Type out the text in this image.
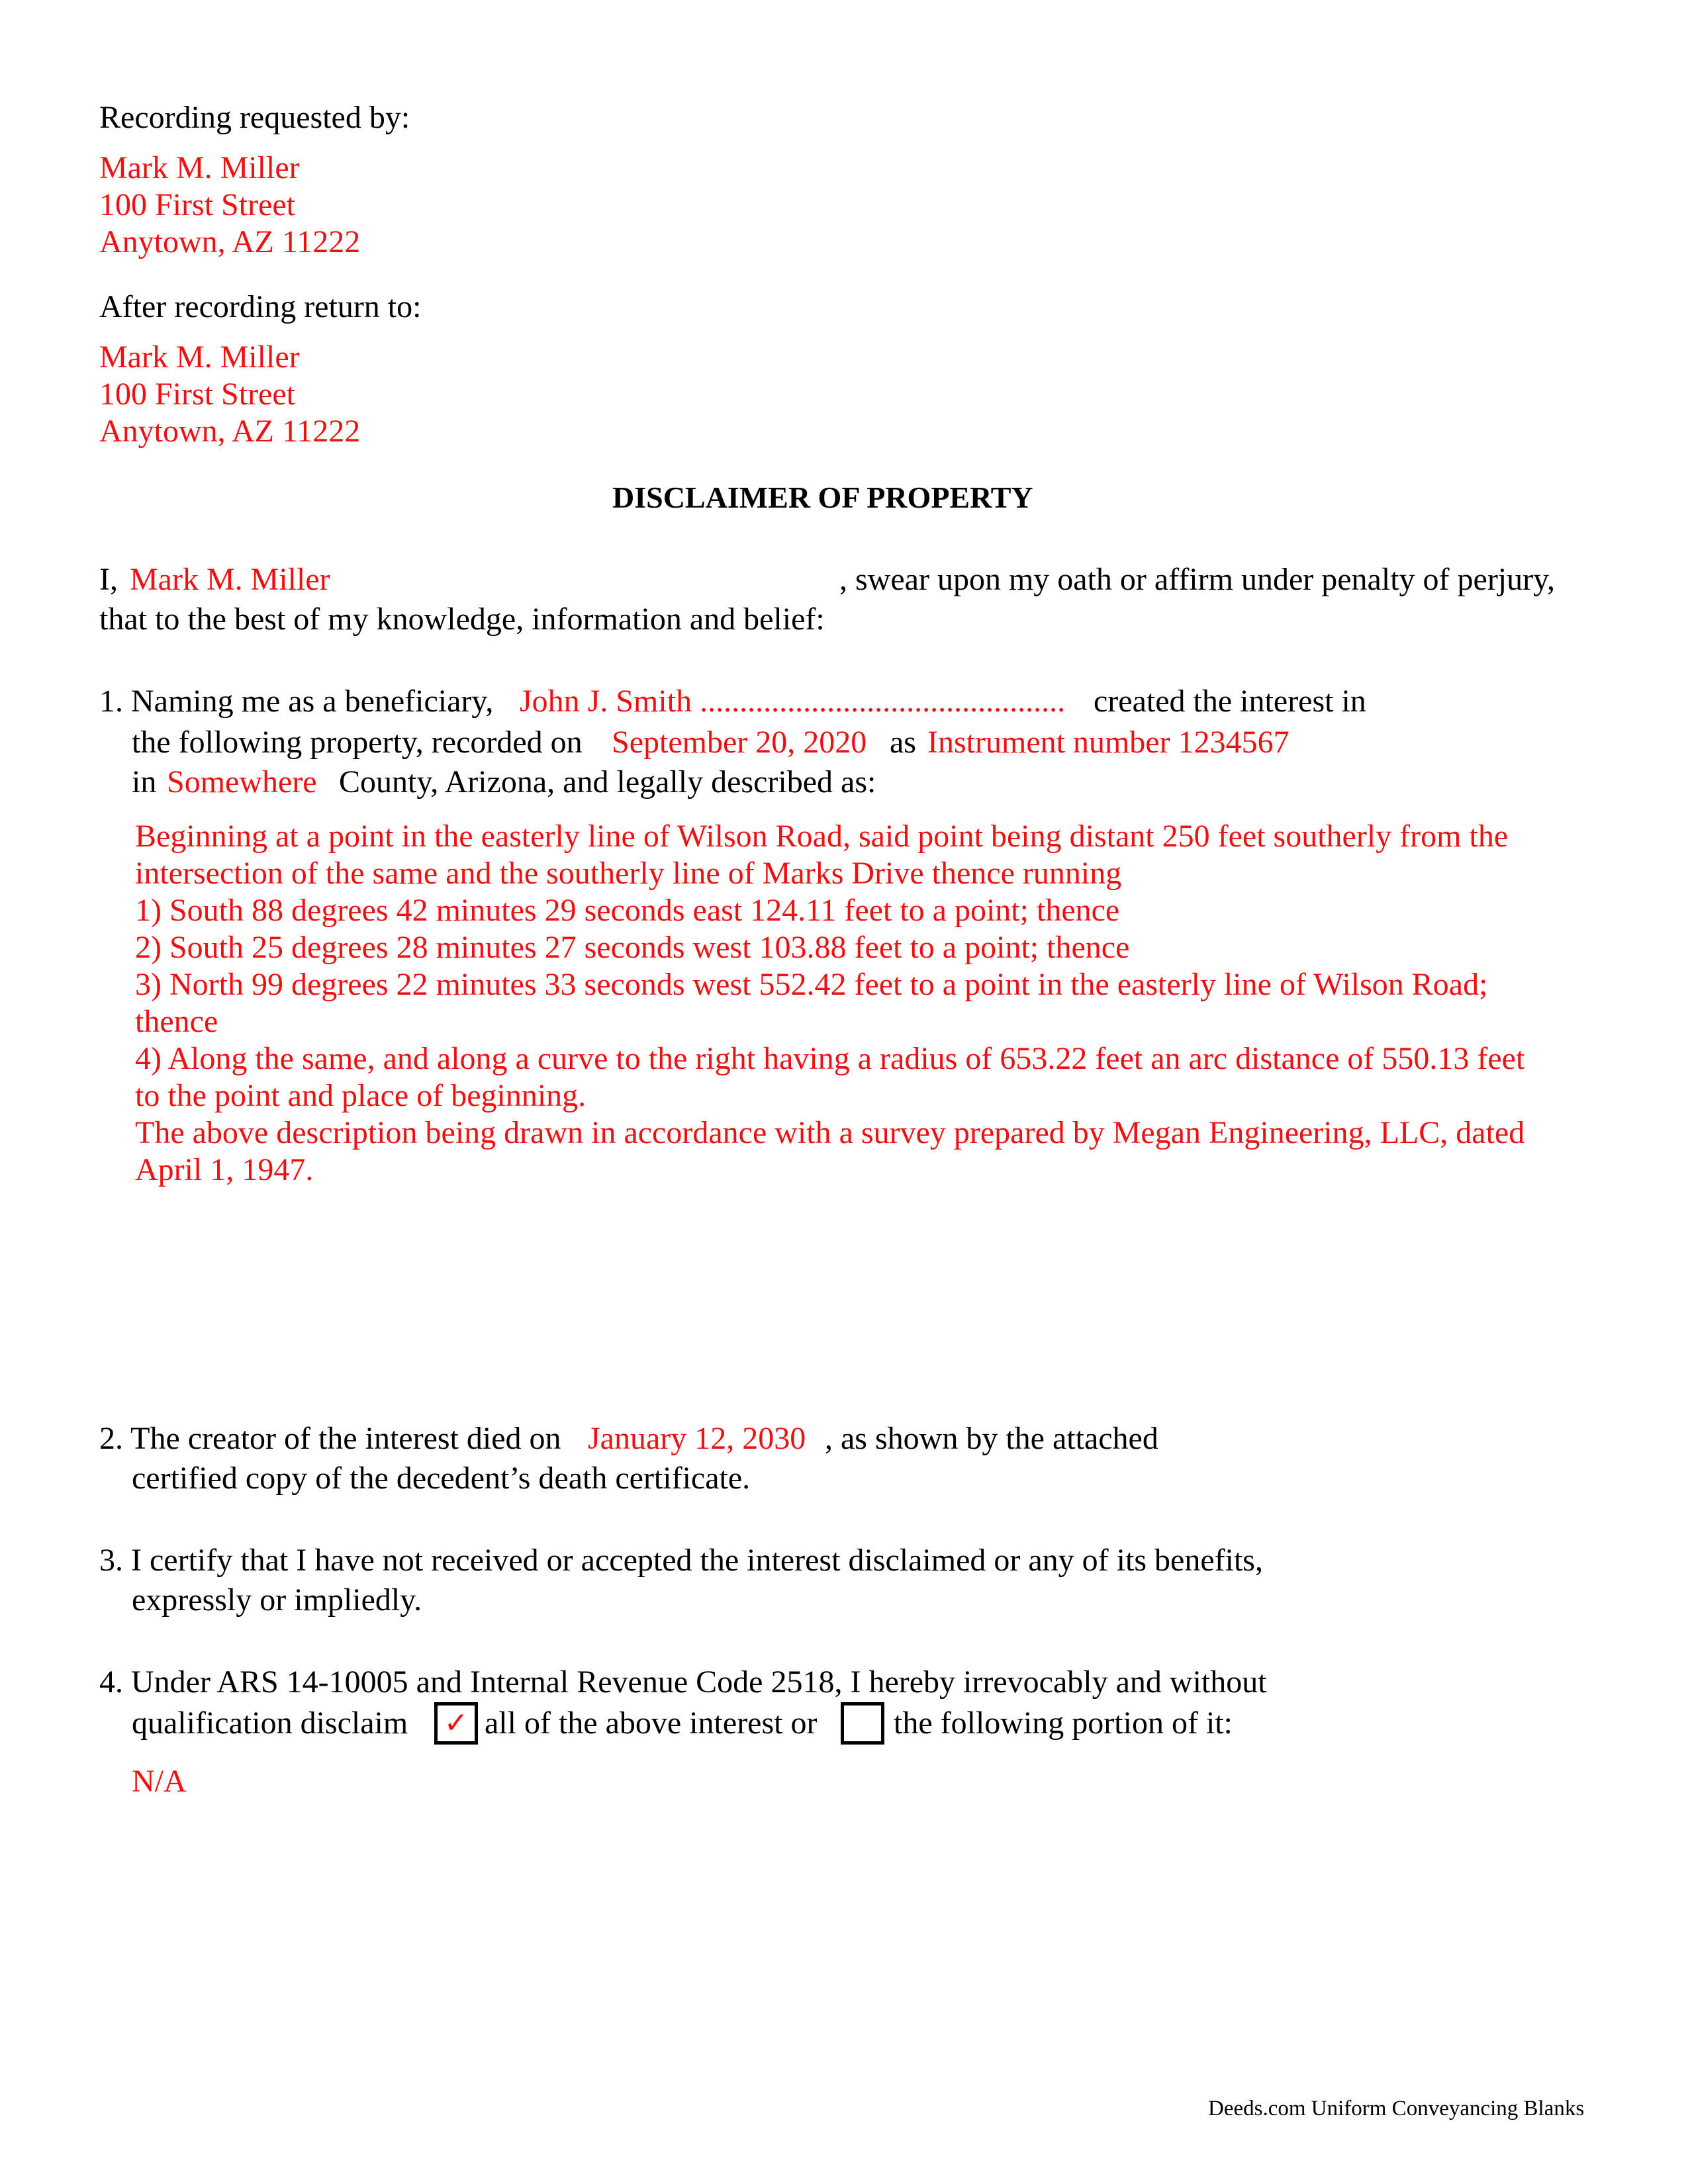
Recording requested by:
Mark M. Miller
100 First Street
Anytown, AZ 11222
After recording return to:
Mark M. Miller
100 First Street
Anytown, AZ 11222
DISCLAIMER OF PROPERTY
I, Mark M. Miller	, swear upon my oath or affirm under penalty of perjury,
that to the best of my knowledge, information and belief:
1. Naming me as a beneficiary, John J. Smith .............................................. created the interest in
the following property, recorded on September 20, 2020 as Instrument number 1234567
in Somewhere County, Arizona, and legally described as:
Beginning at a point in the easterly line of Wilson Road, said point being distant 250 feet southerly from the
intersection of the same and the southerly line of Marks Drive thence running
1) South 88 degrees 42 minutes 29 seconds east 124.11 feet to a point; thence
2) South 25 degrees 28 minutes 27 seconds west 103.88 feet to a point; thence
3) North 99 degrees 22 minutes 33 seconds west 552.42 feet to a point in the easterly line of Wilson Road;
thence
4) Along the same, and along a curve to the right having a radius of 653.22 feet an arc distance of 550.13 feet
to the point and place of beginning.
The above description being drawn in accordance with a survey prepared by Megan Engineering, LLC, dated
April 1, 1947.
2. The creator of the interest died on January 12, 2030 , as shown by the attached
certified copy of the decedent’s death certificate.
3. I certify that I have not received or accepted the interest disclaimed or any of its benefits,
expressly or impliedly.
4. Under ARS 14-10005 and Internal Revenue Code 2518, I hereby irrevocably and without
qualification disclaim	✓ all of the above interest or the following portion of it:
N/A
Deeds.com Uniform Conveyancing Blanks
